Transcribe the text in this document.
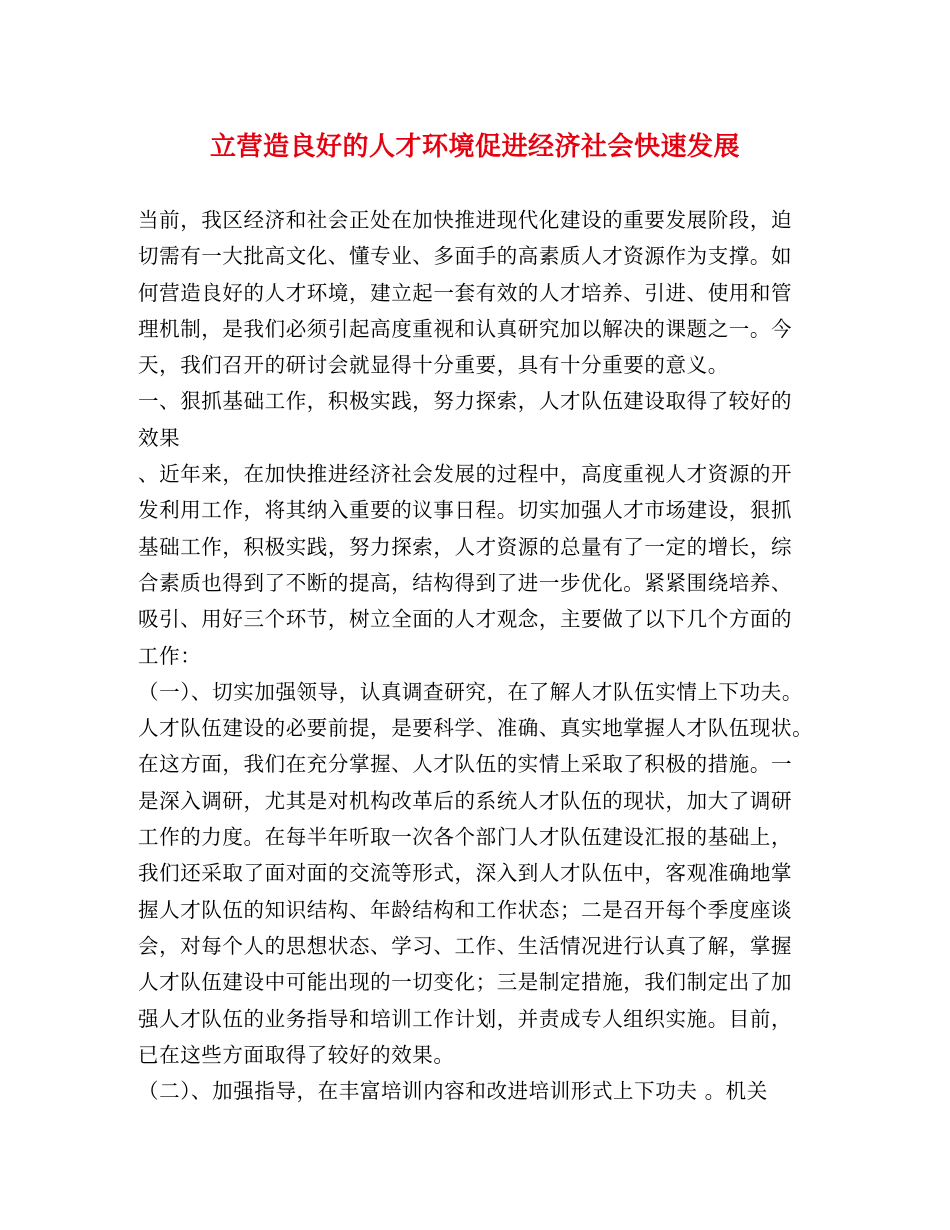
立营造良好的人才环境促进经济社会快速发展
当前，我区经济和社会正处在加快推进现代化建设的重要发展阶段，迫
切需有一大批高文化、懂专业、多面手的高素质人才资源作为支撑。如
何营造良好的人才环境，建立起一套有效的人才培养、引进、使用和管
理机制，是我们必须引起高度重视和认真研究加以解决的课题之一。今
天，我们召开的研讨会就显得十分重要，具有十分重要的意义。
一、狠抓基础工作，积极实践，努力探索，人才队伍建设取得了较好的
效果
、近年来，在加快推进经济社会发展的过程中，高度重视人才资源的开
发利用工作，将其纳入重要的议事日程。切实加强人才市场建设，狠抓
基础工作，积极实践，努力探索，人才资源的总量有了一定的增长，综
合素质也得到了不断的提高，结构得到了进一步优化。紧紧围绕培养、
吸引、用好三个环节，树立全面的人才观念，主要做了以下几个方面的
工作：
（一）、切实加强领导，认真调查研究，在了解人才队伍实情上下功夫。
人才队伍建设的必要前提，是要科学、准确、真实地掌握人才队伍现状。
在这方面，我们在充分掌握、人才队伍的实情上采取了积极的措施。一
是深入调研，尤其是对机构改革后的系统人才队伍的现状，加大了调研
工作的力度。在每半年听取一次各个部门人才队伍建设汇报的基础上，
我们还采取了面对面的交流等形式，深入到人才队伍中，客观准确地掌
握人才队伍的知识结构、年龄结构和工作状态；二是召开每个季度座谈
会，对每个人的思想状态、学习、工作、生活情况进行认真了解，掌握
人才队伍建设中可能出现的一切变化；三是制定措施，我们制定出了加
强人才队伍的业务指导和培训工作计划，并责成专人组织实施。目前，
已在这些方面取得了较好的效果。
（二）、加强指导，在丰富培训内容和改进培训形式上下功夫 。机关
